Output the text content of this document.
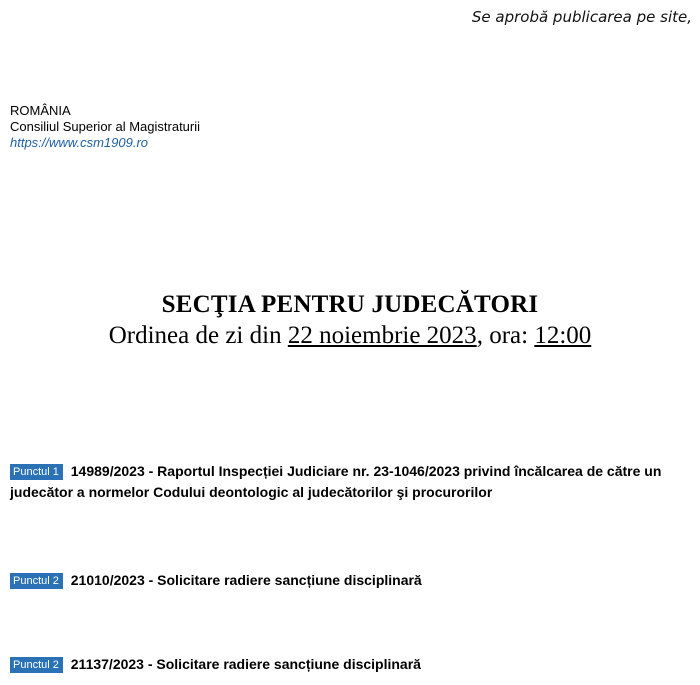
Se aprobă publicarea pe site,
ROMÂNIA
Consiliul Superior al Magistraturii
https://www.csm1909.ro
SECŢIA PENTRU JUDECĂTORI
Ordinea de zi din 22 noiembrie 2023, ora: 12:00
Punctul 1 14989/2023 - Raportul Inspecției Judiciare nr. 23-1046/2023 privind încălcarea de către un judecător a normelor Codului deontologic al judecătorilor şi procurorilor
Punctul 2 21010/2023 - Solicitare radiere sancțiune disciplinară
Punctul 2 21137/2023 - Solicitare radiere sancțiune disciplinară
